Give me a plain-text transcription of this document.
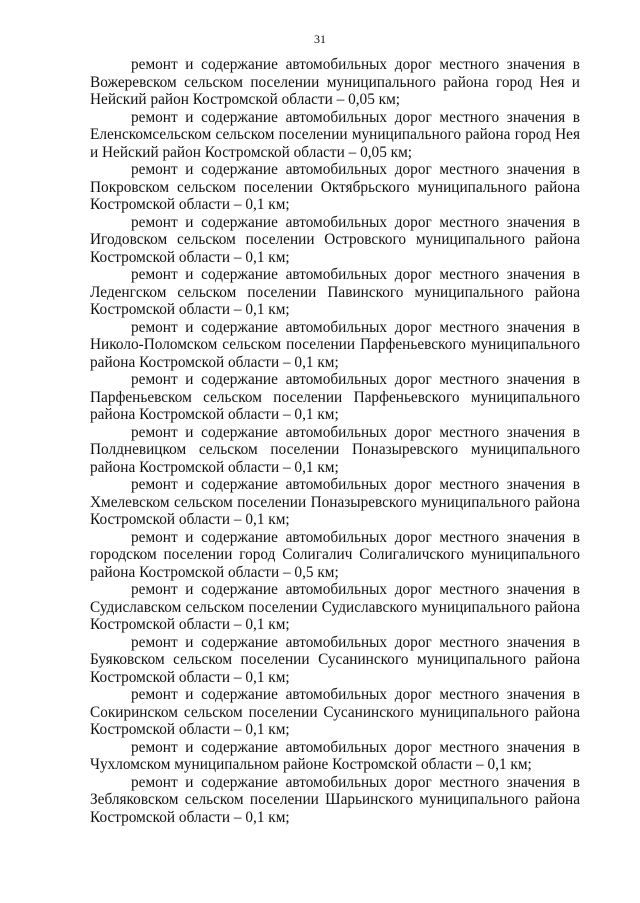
31

ремонт и содержание автомобильных дорог местного значения в Вожеревском сельском поселении муниципального района город Нея и Нейский район Костромской области – 0,05 км;

ремонт и содержание автомобильных дорог местного значения в Еленскомсельском сельском поселении муниципального района город Нея и Нейский район Костромской области – 0,05 км;

ремонт и содержание автомобильных дорог местного значения в Покровском сельском поселении Октябрьского муниципального района Костромской области – 0,1 км;

ремонт и содержание автомобильных дорог местного значения в Игодовском сельском поселении Островского муниципального района Костромской области – 0,1 км;

ремонт и содержание автомобильных дорог местного значения в Леденгском сельском поселении Павинского муниципального района Костромской области – 0,1 км;

ремонт и содержание автомобильных дорог местного значения в Николо-Поломском сельском поселении Парфеньевского муниципального района Костромской области – 0,1 км;

ремонт и содержание автомобильных дорог местного значения в Парфеньевском сельском поселении Парфеньевского муниципального района Костромской области – 0,1 км;

ремонт и содержание автомобильных дорог местного значения в Полдневицком сельском поселении Поназыревского муниципального района Костромской области – 0,1 км;

ремонт и содержание автомобильных дорог местного значения в Хмелевском сельском поселении Поназыревского муниципального района Костромской области – 0,1 км;

ремонт и содержание автомобильных дорог местного значения в городском поселении город Солигалич Солигаличского муниципального района Костромской области – 0,5 км;

ремонт и содержание автомобильных дорог местного значения в Судиславском сельском поселении Судиславского муниципального района Костромской области – 0,1 км;

ремонт и содержание автомобильных дорог местного значения в Буяковском сельском поселении Сусанинского муниципального района Костромской области – 0,1 км;

ремонт и содержание автомобильных дорог местного значения в Сокиринском сельском поселении Сусанинского муниципального района Костромской области – 0,1 км;

ремонт и содержание автомобильных дорог местного значения в Чухломском муниципальном районе Костромской области – 0,1 км;

ремонт и содержание автомобильных дорог местного значения в Зебляковском сельском поселении Шарьинского муниципального района Костромской области – 0,1 км;
